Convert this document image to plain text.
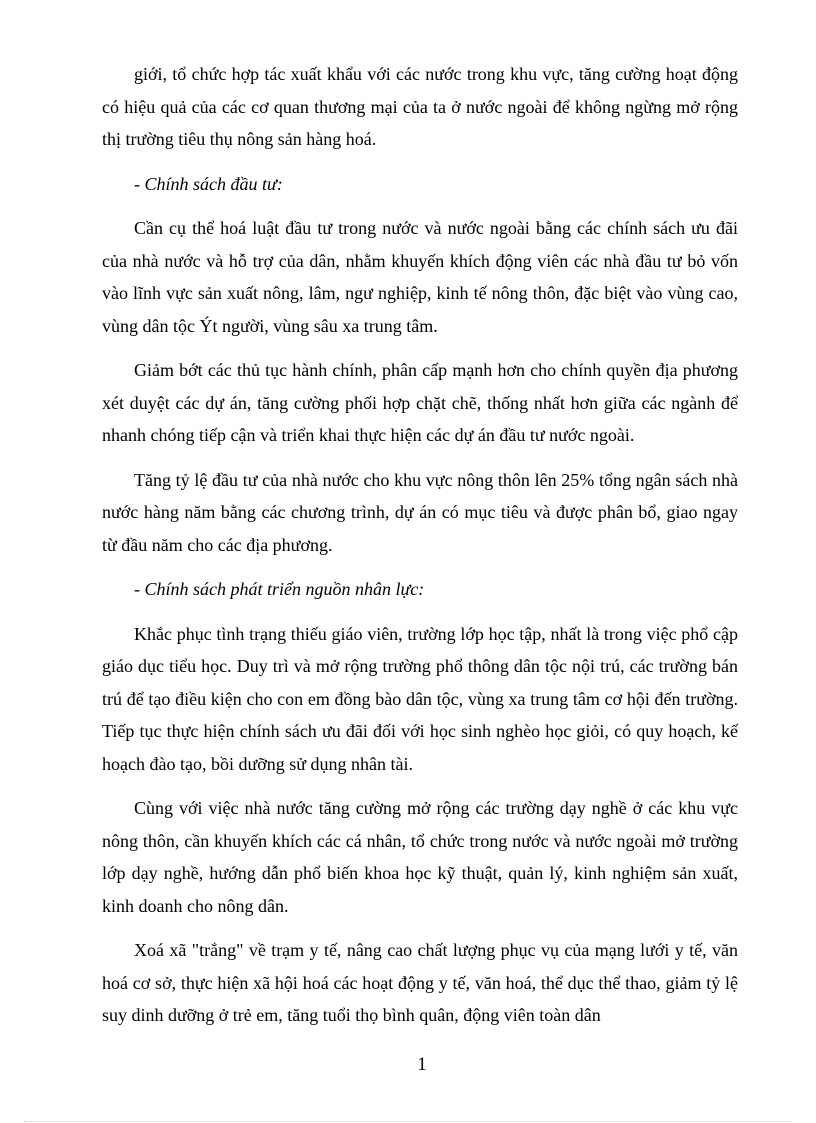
giới, tổ chức hợp tác xuất khẩu với các nước trong khu vực, tăng cường hoạt động có hiệu quả của các cơ quan thương mại của ta ở nước ngoài để không ngừng mở rộng thị trường tiêu thụ nông sản hàng hoá.

- Chính sách đầu tư:

Cần cụ thể hoá luật đầu tư trong nước và nước ngoài bằng các chính sách ưu đãi của nhà nước và hỗ trợ của dân, nhằm khuyến khích động viên các nhà đầu tư bỏ vốn vào lĩnh vực sản xuất nông, lâm, ngư nghiệp, kinh tế nông thôn, đặc biệt vào vùng cao, vùng dân tộc Ýt người, vùng sâu xa trung tâm.

Giảm bớt các thủ tục hành chính, phân cấp mạnh hơn cho chính quyền địa phương xét duyệt các dự án, tăng cường phối hợp chặt chẽ, thống nhất hơn giữa các ngành để nhanh chóng tiếp cận và triển khai thực hiện các dự án đầu tư nước ngoài.

Tăng tỷ lệ đầu tư của nhà nước cho khu vực nông thôn lên 25% tổng ngân sách nhà nước hàng năm bằng các chương trình, dự án có mục tiêu và được phân bổ, giao ngay từ đầu năm cho các địa phương.

- Chính sách phát triển nguồn nhân lực:

Khắc phục tình trạng thiếu giáo viên, trường lớp học tập, nhất là trong việc phổ cập giáo dục tiểu học. Duy trì và mở rộng trường phổ thông dân tộc nội trú, các trường bán trú để tạo điều kiện cho con em đồng bào dân tộc, vùng xa trung tâm cơ hội đến trường. Tiếp tục thực hiện chính sách ưu đãi đối với học sinh nghèo học giỏi, có quy hoạch, kế hoạch đào tạo, bồi dưỡng sử dụng nhân tài.

Cùng với việc nhà nước tăng cường mở rộng các trường dạy nghề ở các khu vực nông thôn, cần khuyến khích các cá nhân, tổ chức trong nước và nước ngoài mở trường lớp dạy nghề, hướng dẫn phổ biến khoa học kỹ thuật, quản lý, kinh nghiệm sản xuất, kinh doanh cho nông dân.

Xoá xã "trắng" về trạm y tế, nâng cao chất lượng phục vụ của mạng lưới y tế, văn hoá cơ sở, thực hiện xã hội hoá các hoạt động y tế, văn hoá, thể dục thể thao, giảm tỷ lệ suy dinh dưỡng ở trẻ em, tăng tuổi thọ bình quân, động viên toàn dân

1
